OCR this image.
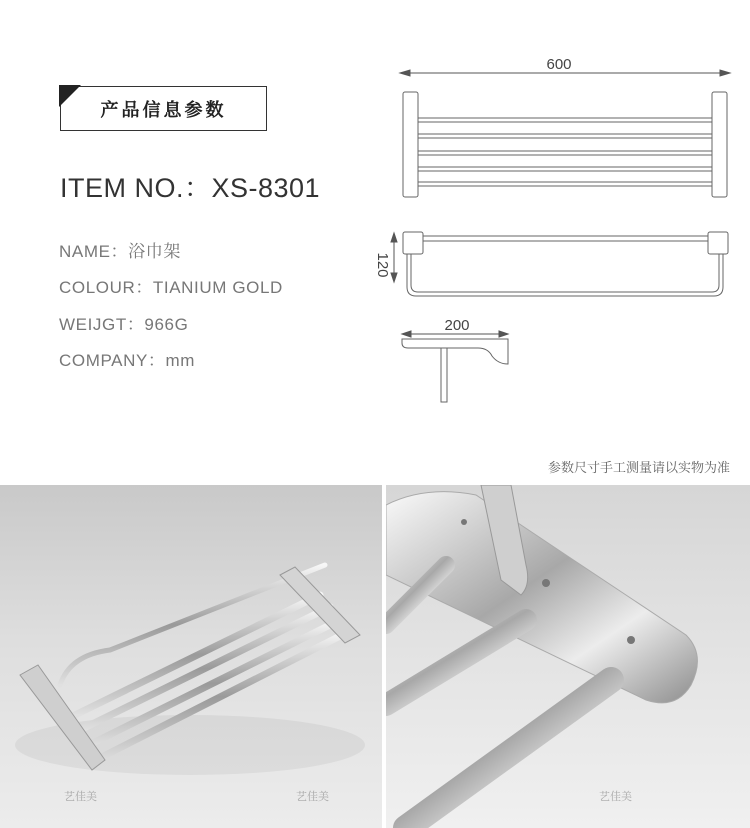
产品信息参数
ITEM NO.：XS-8301
NAME：浴巾架
COLOUR：TIANIUM GOLD
WEIJGT：966G
COMPANY：mm
600
120
200
参数尺寸手工测量请以实物为准
艺佳美	艺佳美	艺佳美
